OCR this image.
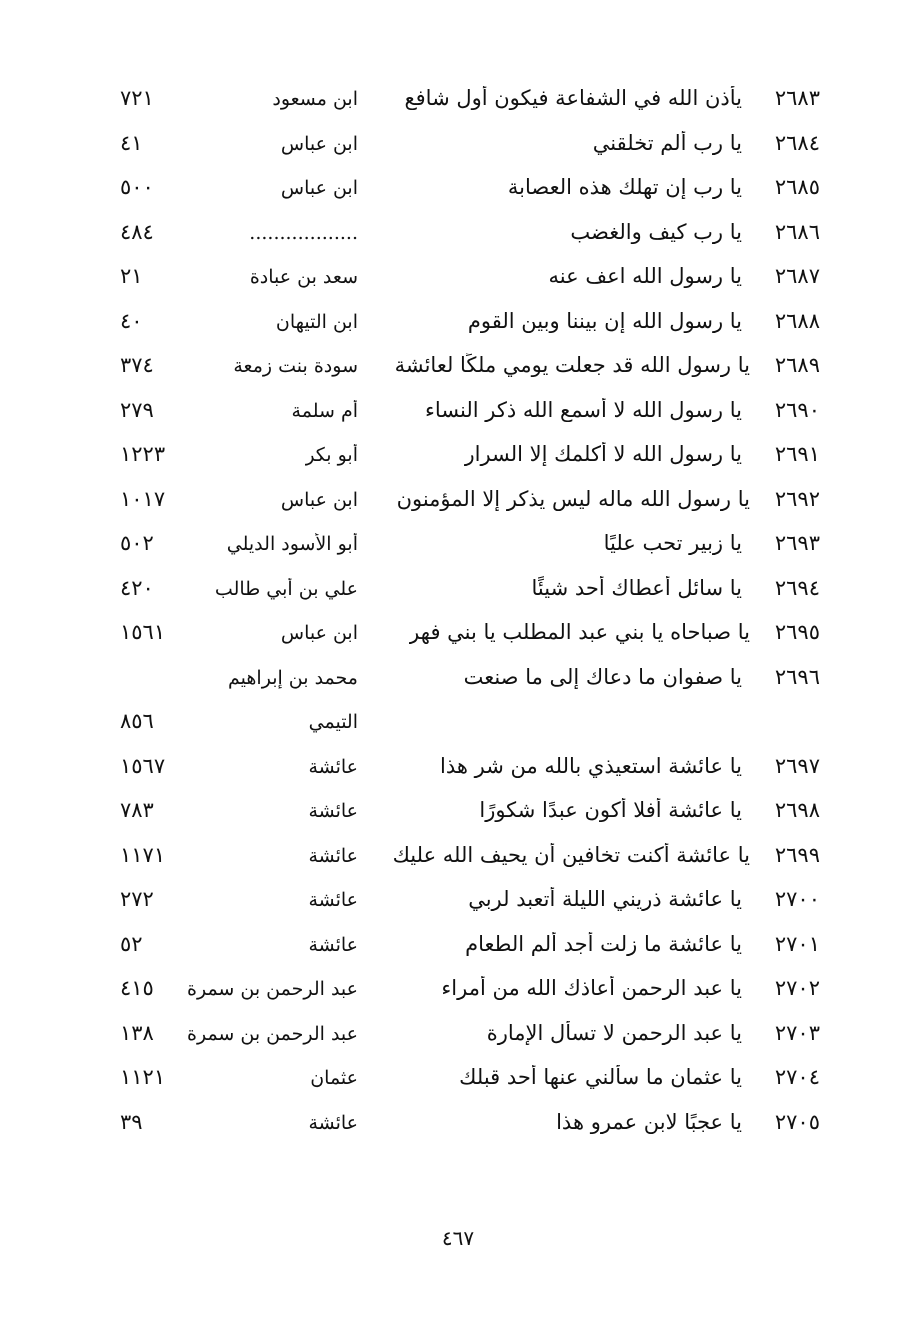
٢٦٨٣
يأذن الله في الشفاعة فيكون أول شافع
ابن مسعود
٧٢١
٢٦٨٤
يا رب ألم تخلقني
ابن عباس
٤١
٢٦٨٥
يا رب إن تهلك هذه العصابة
ابن عباس
٥٠٠
٢٦٨٦
يا رب كيف والغضب
..................
٤٨٤
٢٦٨٧
يا رسول الله اعف عنه
سعد بن عبادة
٢١
٢٦٨٨
يا رسول الله إن بيننا وبين القوم
ابن التيهان
٤٠
٢٦٨٩
يا رسول الله قد جعلت يومي ملكًا لعائشة
سودة بنت زمعة
٣٧٤
٢٦٩٠
يا رسول الله لا أسمع الله ذكر النساء
أم سلمة
٢٧٩
٢٦٩١
يا رسول الله لا أكلمك إلا السرار
أبو بكر
١٢٢٣
٢٦٩٢
يا رسول الله ماله ليس يذكر إلا المؤمنون
ابن عباس
١٠١٧
٢٦٩٣
يا زبير تحب عليًا
أبو الأسود الديلي
٥٠٢
٢٦٩٤
يا سائل أعطاك أحد شيئًا
علي بن أبي طالب
٤٢٠
٢٦٩٥
يا صباحاه يا بني عبد المطلب يا بني فهر
ابن عباس
١٥٦١
٢٦٩٦
يا صفوان ما دعاك إلى ما صنعت
محمد بن إبراهيم
التيمي
٨٥٦
٢٦٩٧
يا عائشة استعيذي بالله من شر هذا
عائشة
١٥٦٧
٢٦٩٨
يا عائشة أفلا أكون عبدًا شكورًا
عائشة
٧٨٣
٢٦٩٩
يا عائشة أكنت تخافين أن يحيف الله عليك
عائشة
١١٧١
٢٧٠٠
يا عائشة ذريني الليلة أتعبد لربي
عائشة
٢٧٢
٢٧٠١
يا عائشة ما زلت أجد ألم الطعام
عائشة
٥٢
٢٧٠٢
يا عبد الرحمن أعاذك الله من أمراء
عبد الرحمن بن سمرة
٤١٥
٢٧٠٣
يا عبد الرحمن لا تسأل الإمارة
عبد الرحمن بن سمرة
١٣٨
٢٧٠٤
يا عثمان ما سألني عنها أحد قبلك
عثمان
١١٢١
٢٧٠٥
يا عجبًا لابن عمرو هذا
عائشة
٣٩
٤٦٧
